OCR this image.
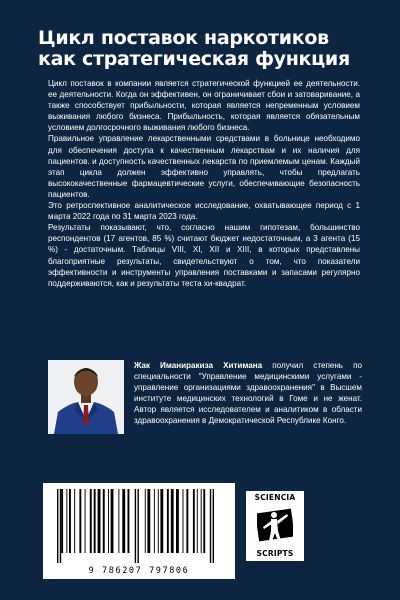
Цикл поставок наркотиков как стратегическая функция

Цикл поставок в компании является стратегической функцией ее деятельности. ее деятельности. Когда он эффективен, он ограничивает сбои и затоваривание, а также способствует прибыльности, которая является непременным условием выживания любого бизнеса. Прибыльность, которая является обязательным условием долгосрочного выживания любого бизнеса.

Правильное управление лекарственными средствами в больнице необходимо для обеспечения доступа к качественным лекарствам и их наличия для пациентов. и доступность качественных лекарств по приемлемым ценам. Каждый этап цикла должен эффективно управлять, чтобы предлагать высококачественные фармацевтические услуги, обеспечивающие безопасность пациентов.

Это ретроспективное аналитическое исследование, охватывающее период с 1 марта 2022 года по 31 марта 2023 года.

Результаты показывают, что, согласно нашим гипотезам, большинство респондентов (17 агентов, 85 %) считают бюджет недостаточным, а 3 агента (15 %) - достаточным. Таблицы VIII, XI, XII и XIII, в которых представлены благоприятные результаты, свидетельствуют о том, что показатели эффективности и инструменты управления поставками и запасами регулярно поддерживаются, как и результаты теста хи-квадрат.

Жак Иманиракиза Хитимана получил степень по специальности "Управление медицинскими услугами - управление организациями здравоохранения" в Высшем институте медицинских технологий в Гоме и не женат. Автор является исследователем и аналитиком в области здравоохранения в Демократической Республике Конго.
9 786207 797806
SCIENCIA
SCRIPTS
